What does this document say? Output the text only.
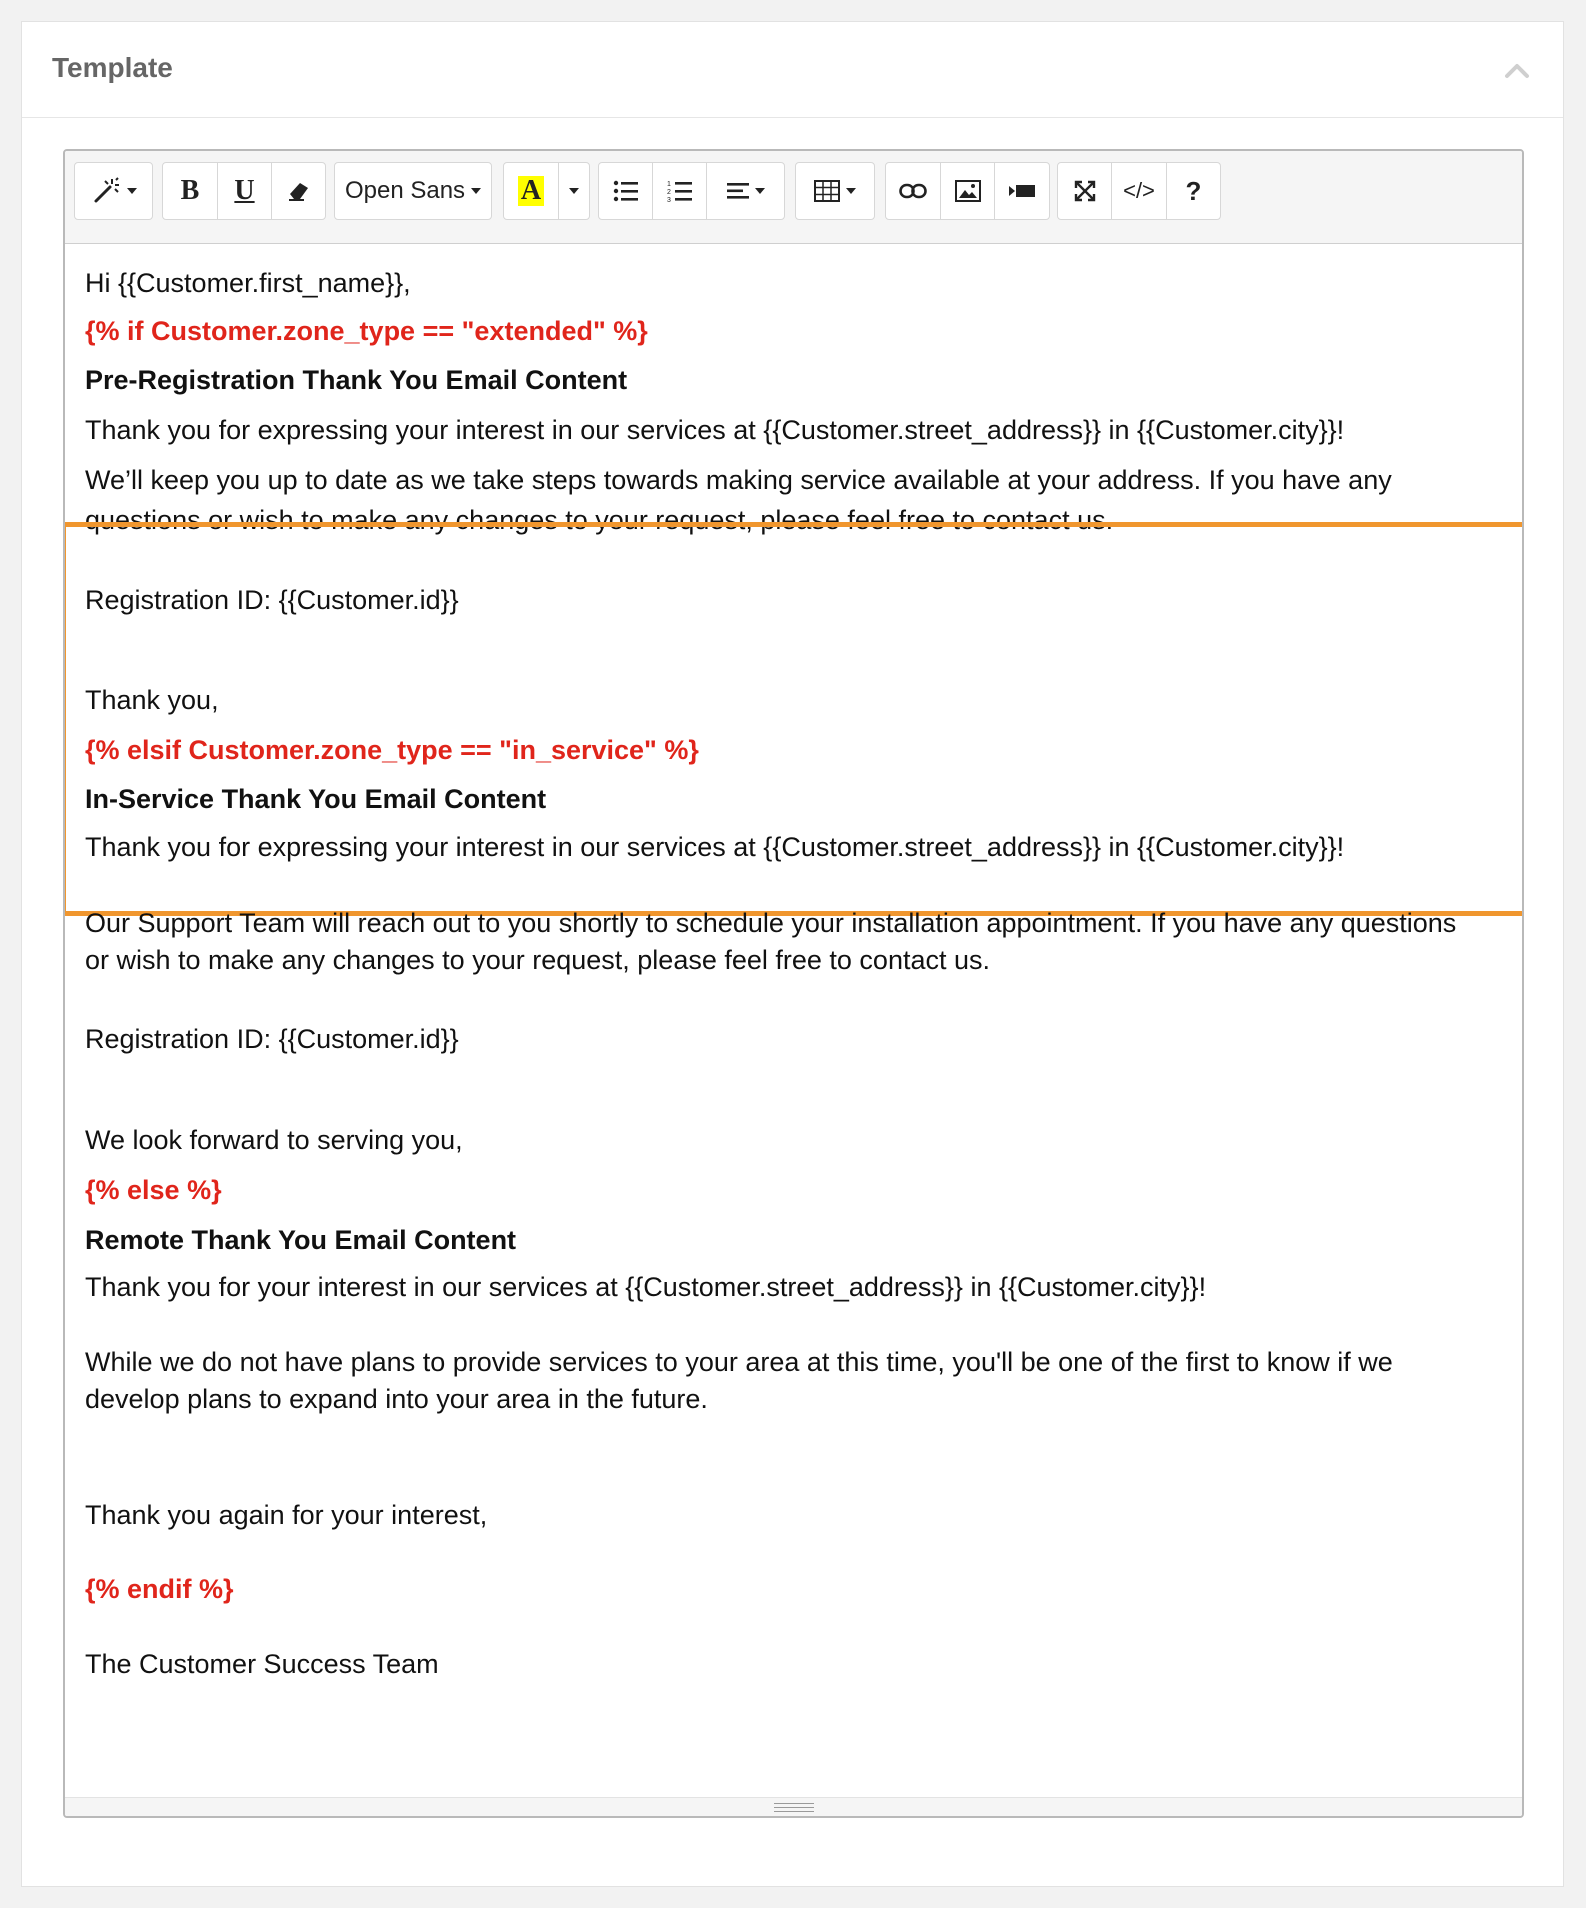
Template
B U	Open Sans A	1
2
3	</> ?
Hi {{Customer.first_name}},
{% if Customer.zone_type == "extended" %}
Pre-Registration Thank You Email Content
Thank you for expressing your interest in our services at {{Customer.street_address}} in {{Customer.city}}!
We’ll keep you up to date as we take steps towards making service available at your address. If you have any
questions or wish to make any changes to your request, please feel free to contact us.
Registration ID: {{Customer.id}}
Thank you,
{% elsif Customer.zone_type == "in_service" %}
In-Service Thank You Email Content
Thank you for expressing your interest in our services at {{Customer.street_address}} in {{Customer.city}}!
Our Support Team will reach out to you shortly to schedule your installation appointment. If you have any questions
or wish to make any changes to your request, please feel free to contact us.
Registration ID: {{Customer.id}}
We look forward to serving you,
{% else %}
Remote Thank You Email Content
Thank you for your interest in our services at {{Customer.street_address}} in {{Customer.city}}!
While we do not have plans to provide services to your area at this time, you'll be one of the first to know if we
develop plans to expand into your area in the future.
Thank you again for your interest,
{% endif %}
The Customer Success Team
